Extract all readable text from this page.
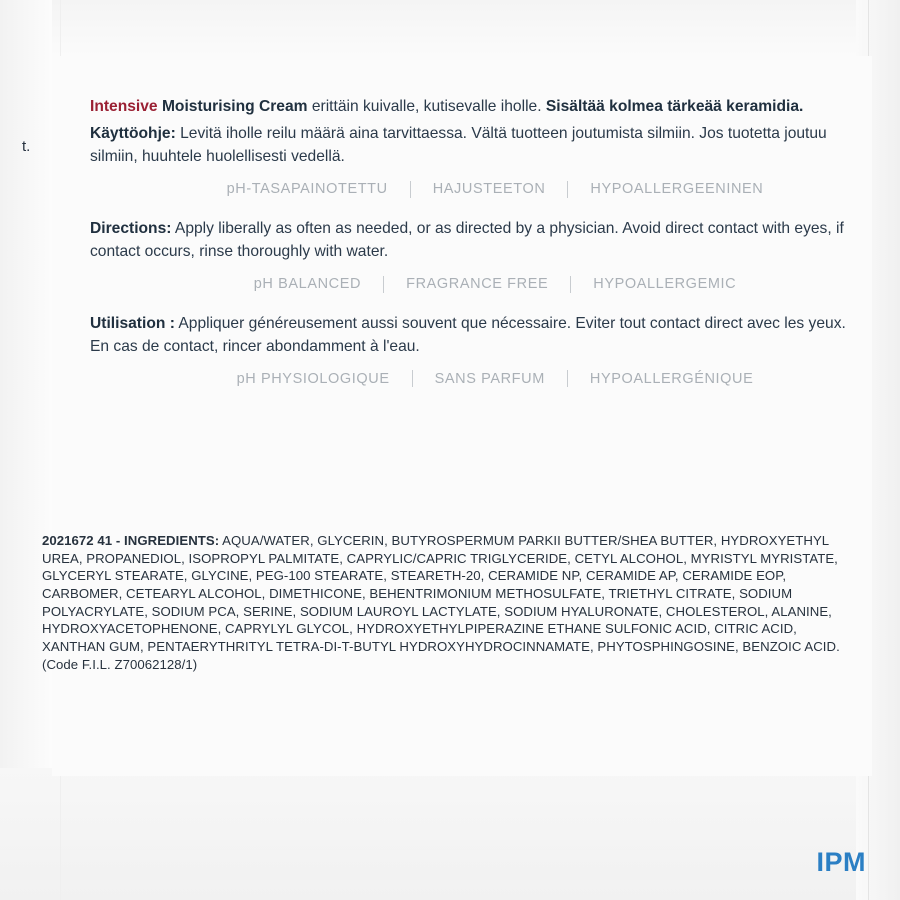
t.
Intensive Moisturising Cream erittäin kuivalle, kutisevalle iholle. Sisältää kolmea tärkeää keramidia.
Käyttöohje: Levitä iholle reilu määrä aina tarvittaessa. Vältä tuotteen joutumista silmiin. Jos tuotetta joutuu silmiin, huuhtele huolellisesti vedellä.
pH-TASAPAINOTETTU	HAJUSTEETON	HYPOALLERGEENINEN
Directions: Apply liberally as often as needed, or as directed by a physician. Avoid direct contact with eyes, if contact occurs, rinse thoroughly with water.
pH BALANCED	FRAGRANCE FREE	HYPOALLERGEMIC
Utilisation : Appliquer généreusement aussi souvent que nécessaire. Eviter tout contact direct avec les yeux. En cas de contact, rincer abondamment à l'eau.
pH PHYSIOLOGIQUE	SANS PARFUM	HYPOALLERGÉNIQUE
2021672 41 - INGREDIENTS: AQUA/WATER, GLYCERIN, BUTYROSPERMUM PARKII BUTTER/SHEA BUTTER, HYDROXYETHYL UREA, PROPANEDIOL, ISOPROPYL PALMITATE, CAPRYLIC/CAPRIC TRIGLYCERIDE, CETYL ALCOHOL, MYRISTYL MYRISTATE, GLYCERYL STEARATE, GLYCINE, PEG-100 STEARATE, STEARETH-20, CERAMIDE NP, CERAMIDE AP, CERAMIDE EOP, CARBOMER, CETEARYL ALCOHOL, DIMETHICONE, BEHENTRIMONIUM METHOSULFATE, TRIETHYL CITRATE, SODIUM POLYACRYLATE, SODIUM PCA, SERINE, SODIUM LAUROYL LACTYLATE, SODIUM HYALURONATE, CHOLESTEROL, ALANINE, HYDROXYACETOPHENONE, CAPRYLYL GLYCOL, HYDROXYETHYLPIPERAZINE ETHANE SULFONIC ACID, CITRIC ACID, XANTHAN GUM, PENTAERYTHRITYL TETRA-DI-T-BUTYL HYDROXYHYDROCINNAMATE, PHYTOSPHINGOSINE, BENZOIC ACID. (Code F.I.L. Z70062128/1)
IPM
